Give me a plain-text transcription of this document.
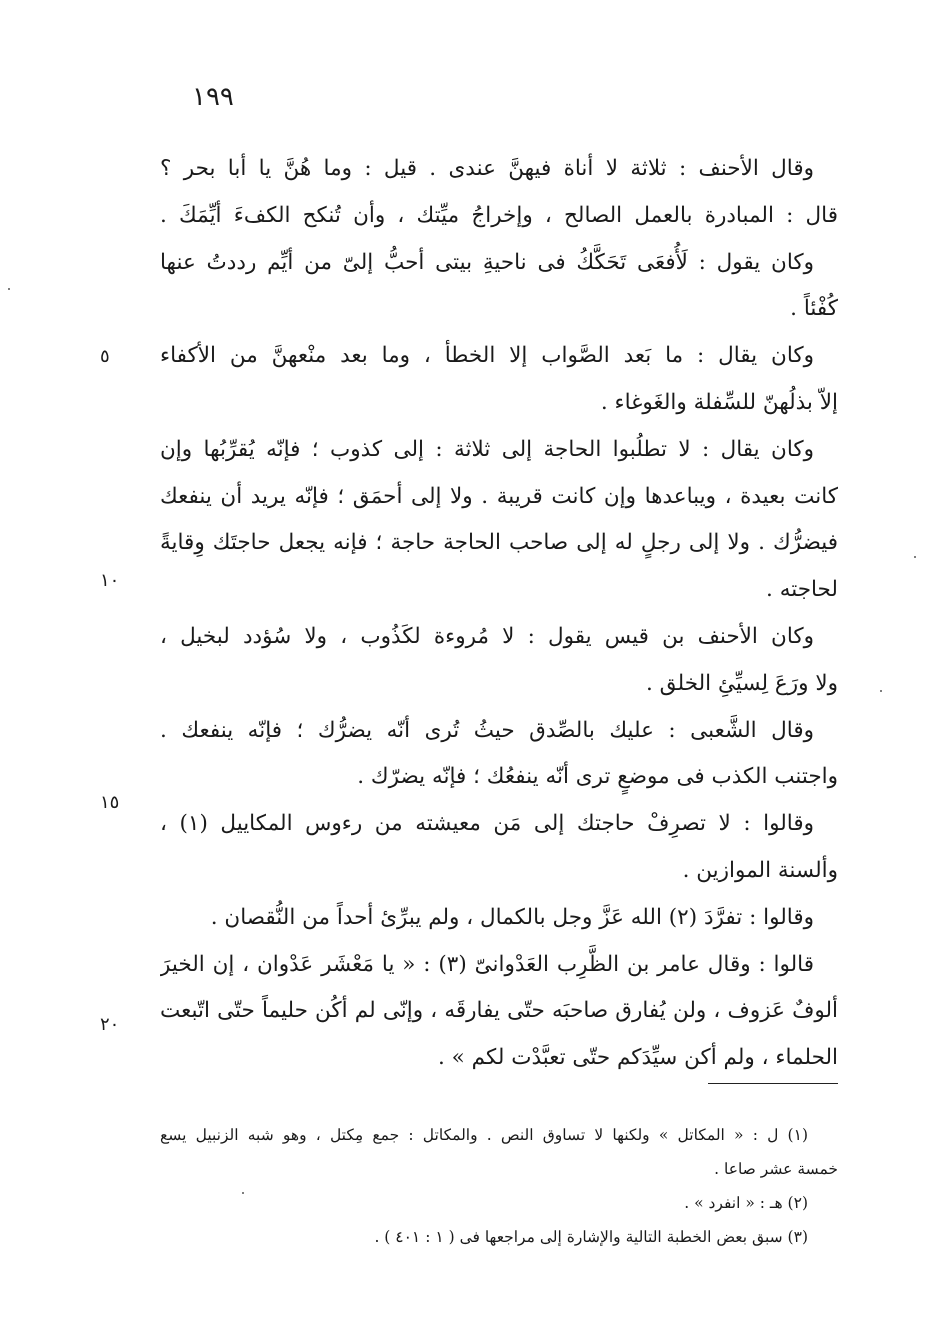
١٩٩
وقال الأحنف : ثلاثة لا أناة فيهنَّ عندى . قيل : وما هُنَّ يا أبا بحر ؟
قال : المبادرة بالعمل الصالح ، وإخراجُ ميِّتك ، وأن تُنكح الكفءَ أيِّمَكَ .
وكان يقول : لَأُفعَى تَحَكَّكُ فى ناحيةِ بيتى أحبُّ إلىّ من أيِّم رددتُ عنها
كُفْئاً .
وكان يقال : ما بَعد الصَّواب إلا الخطأ ، وما بعد منْعهنَّ من الأكفاء
إلاّ بذلُهنّ للسِّفلة والغَوغاء .
وكان يقال : لا تطلُبوا الحاجة إلى ثلاثة : إلى كذوب ؛ فإنّه يُقرِّبُها وإن
كانت بعيدة ، ويباعدها وإن كانت قريبة . ولا إلى أحمَق ؛ فإنّه يريد أن ينفعك
فيضرُّك . ولا إلى رجلٍ له إلى صاحب الحاجة حاجة ؛ فإنه يجعل حاجتَك وِقايةً
لحاجته .
وكان الأحنف بن قيس يقول : لا مُروءة لكَذُوب ، ولا سُؤدد لبخيل ،
ولا ورَعَ لِسيِّئِ الخلق .
وقال الشَّعبى : عليك بالصِّدق حيثُ تُرى أنّه يضرُّك ؛ فإنّه ينفعك .
واجتنب الكذب فى موضعٍ ترى أنّه ينفعُك ؛ فإنّه يضرّك .
وقالوا : لا تصرِفْ حاجتك إلى مَن معيشته من رءوس المكاييل (١) ،
وألسنة الموازين .
وقالوا : تفرَّدَ (٢) الله عَزَّ وجل بالكمال ، ولم يبرِّئ أحداً من النُّقصان .
قالوا : وقال عامر بن الظَّرِب العَدْوانىّ (٣) : « يا مَعْشَر عَدْوان ، إن الخيرَ
ألوفٌ عَزوف ، ولن يُفارق صاحبَه حتّى يفارقَه ، وإنّى لم أكُن حليماً حتّى اتّبعت
الحلماء ، ولم أكن سيِّدَكم حتّى تعبَّدْت لكم » .
٥
١٠
١٥
٢٠
(١) ل : « المكاتل » ولكنها لا تساوق النص . والمكاتل : جمع مِكتل ، وهو شبه الزنبيل يسع
خمسة عشر صاعا .
(٢) هـ : « انفرد » .
(٣) سبق بعض الخطبة التالية والإشارة إلى مراجعها فى ( ١ : ٤٠١ ) .
